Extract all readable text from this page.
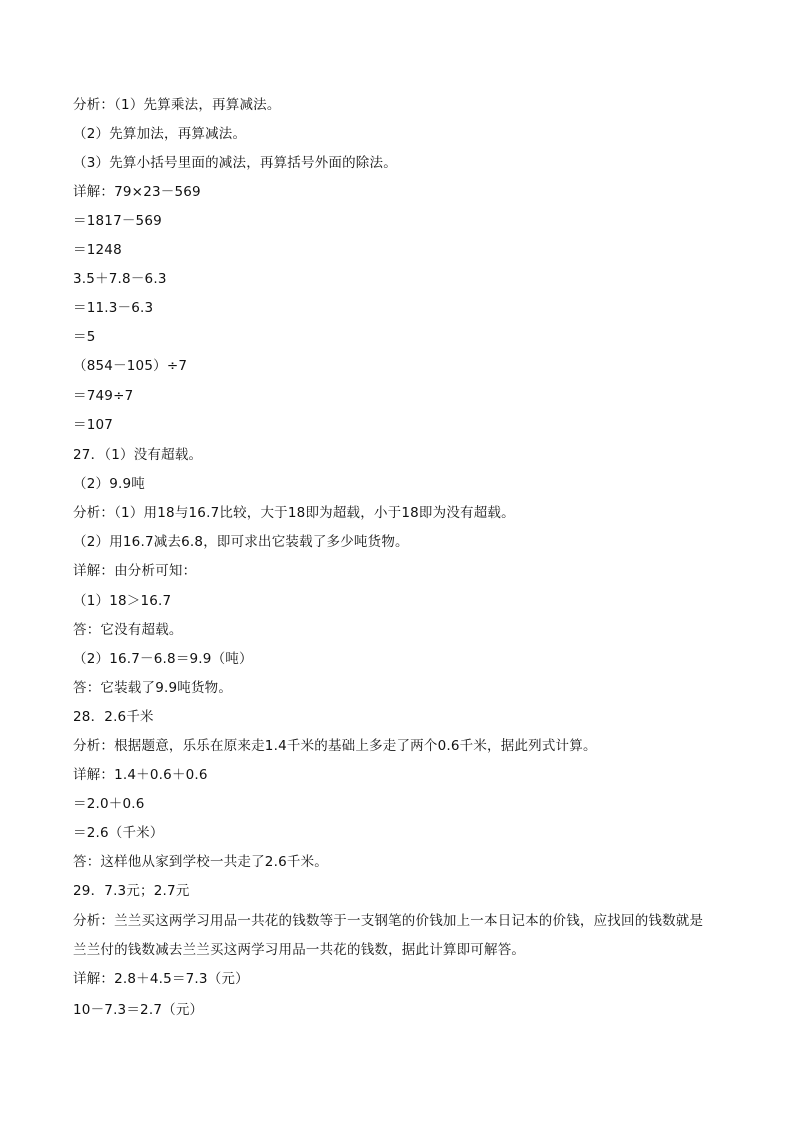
分析：（1）先算乘法，再算减法。
（2）先算加法，再算减法。
（3）先算小括号里面的减法，再算括号外面的除法。
详解：79×23－569
＝1817－569
＝1248
3.5＋7.8－6.3
＝11.3－6.3
＝5
（854－105）÷7
＝749÷7
＝107
27．（1）没有超载。
（2）9.9吨
分析：（1）用18与16.7比较，大于18即为超载，小于18即为没有超载。
（2）用16.7减去6.8，即可求出它装载了多少吨货物。
详解：由分析可知：
（1）18＞16.7
答：它没有超载。
（2）16.7－6.8＝9.9（吨）
答：它装载了9.9吨货物。
28．2.6千米
分析：根据题意，乐乐在原来走1.4千米的基础上多走了两个0.6千米，据此列式计算。
详解：1.4＋0.6＋0.6
＝2.0＋0.6
＝2.6（千米）
答：这样他从家到学校一共走了2.6千米。
29．7.3元；2.7元
分析：兰兰买这两学习用品一共花的钱数等于一支钢笔的价钱加上一本日记本的价钱，应找回的钱数就是
兰兰付的钱数减去兰兰买这两学习用品一共花的钱数，据此计算即可解答。
详解：2.8＋4.5＝7.3（元）
10－7.3＝2.7（元）
